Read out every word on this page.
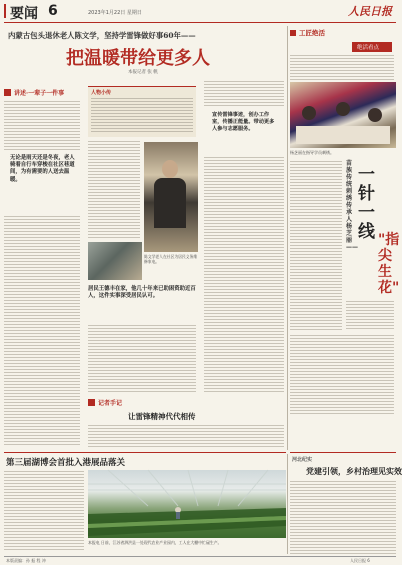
要闻 6	2023年1月22日 星期日	人民日报
内蒙古包头退休老人陈文学，坚持学雷锋做好事60年——
把温暖带给更多人
本报记者 张 帆
讲述·一辈子一件事
无论是雨天还是冬夜，老人骑着自行车穿梭在社区巷道间，为有需要的人送去温暖。
人物小传
陈文学老人在社区为居民义务维修家电。
居民王德丰在家，他几十年来已助困资助近百人，这件实事深受居民认可。
宣传雷锋事迹，创办工作室，传播正能量。带动更多人参与志愿服务。
记者手记
让雷锋精神代代相传
工匠绝活
绝活看点
杨芝丽在指导学员刺绣。
苗族传统刺绣传承人杨芝丽——
一针一线 "指尖生花"
河北纪实
党建引领，乡村治理见实效
第三届湖博会首批入港展品落关
本报电 日前，江苏省泗洪县一处现代农业产业园内，工人在大棚中忙碌生产。
本版责编：孙 振 程 冲	人民日报 6
